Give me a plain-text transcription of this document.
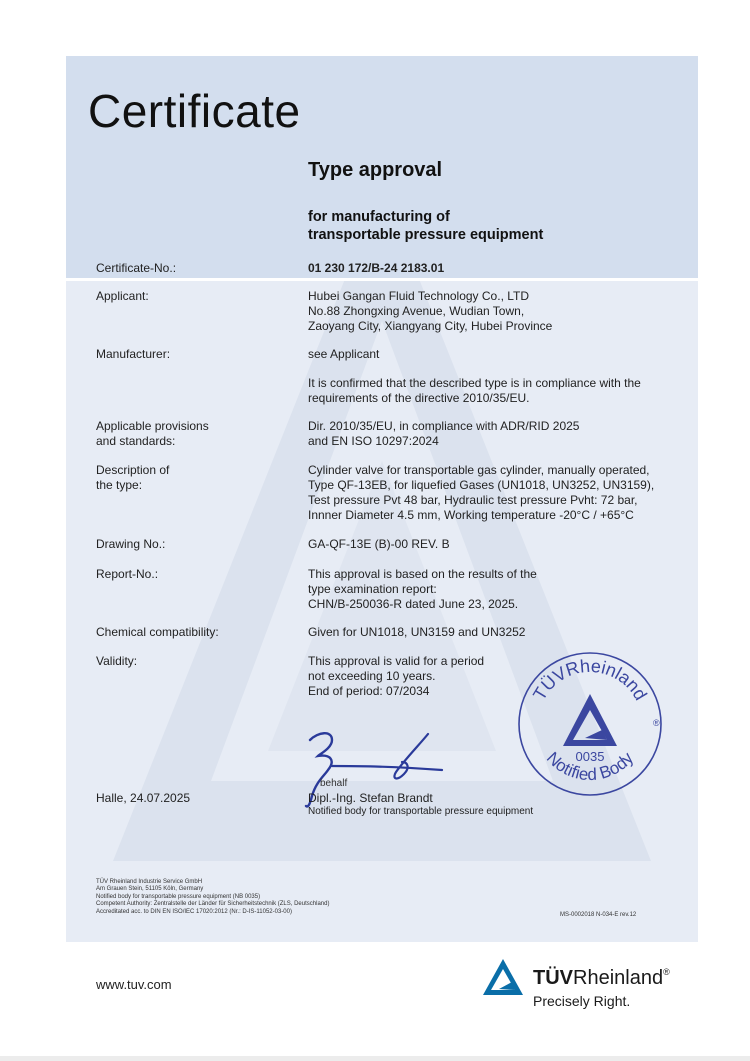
Certificate
Type approval
for manufacturing of
transportable pressure equipment
Certificate-No.:	01 230 172/B-24 2183.01
Applicant:	Hubei Gangan Fluid Technology Co., LTD
No.88 Zhongxing Avenue, Wudian Town,
Zaoyang City, Xiangyang City, Hubei Province
Manufacturer:	see Applicant
It is confirmed that the described type is in compliance with the
requirements of the directive 2010/35/EU.
Applicable provisions
and standards:
Dir. 2010/35/EU, in compliance with ADR/RID 2025
and EN ISO 10297:2024
Description of
the type:
Cylinder valve for transportable gas cylinder, manually operated,
Type QF-13EB, for liquefied Gases (UN1018, UN3252, UN3159),
Test pressure Pvt 48 bar, Hydraulic test pressure Pvht: 72 bar,
Innner Diameter 4.5 mm, Working temperature -20°C / +65°C
Drawing No.:	GA-QF-13E (B)-00 REV. B
Report-No.:	This approval is based on the results of the
type examination report:
CHN/B-250036-R dated June 23, 2025.
Chemical compatibility:	Given for UN1018, UN3159 and UN3252
Validity:	This approval is valid for a period
not exceeding 10 years.
End of period: 07/2034	TÜVRheinland
Notified Body
®
0035
behalf
Dipl.-Ing. Stefan Brandt
Notified body for transportable pressure equipment
Halle, 24.07.2025
TÜV Rheinland Industrie Service GmbH
Am Grauen Stein, 51105 Köln, Germany
Notified body for transportable pressure equipment (NB 0035)
Competent Authority: Zentralstelle der Länder für Sicherheitstechnik (ZLS, Deutschland)
Accreditated acc. to DIN EN ISO/IEC 17020:2012 (Nr.: D-IS-11052-03-00)
MS-0002018 N-034-E rev.12
www.tuv.com	TÜVRheinland®
Precisely Right.
